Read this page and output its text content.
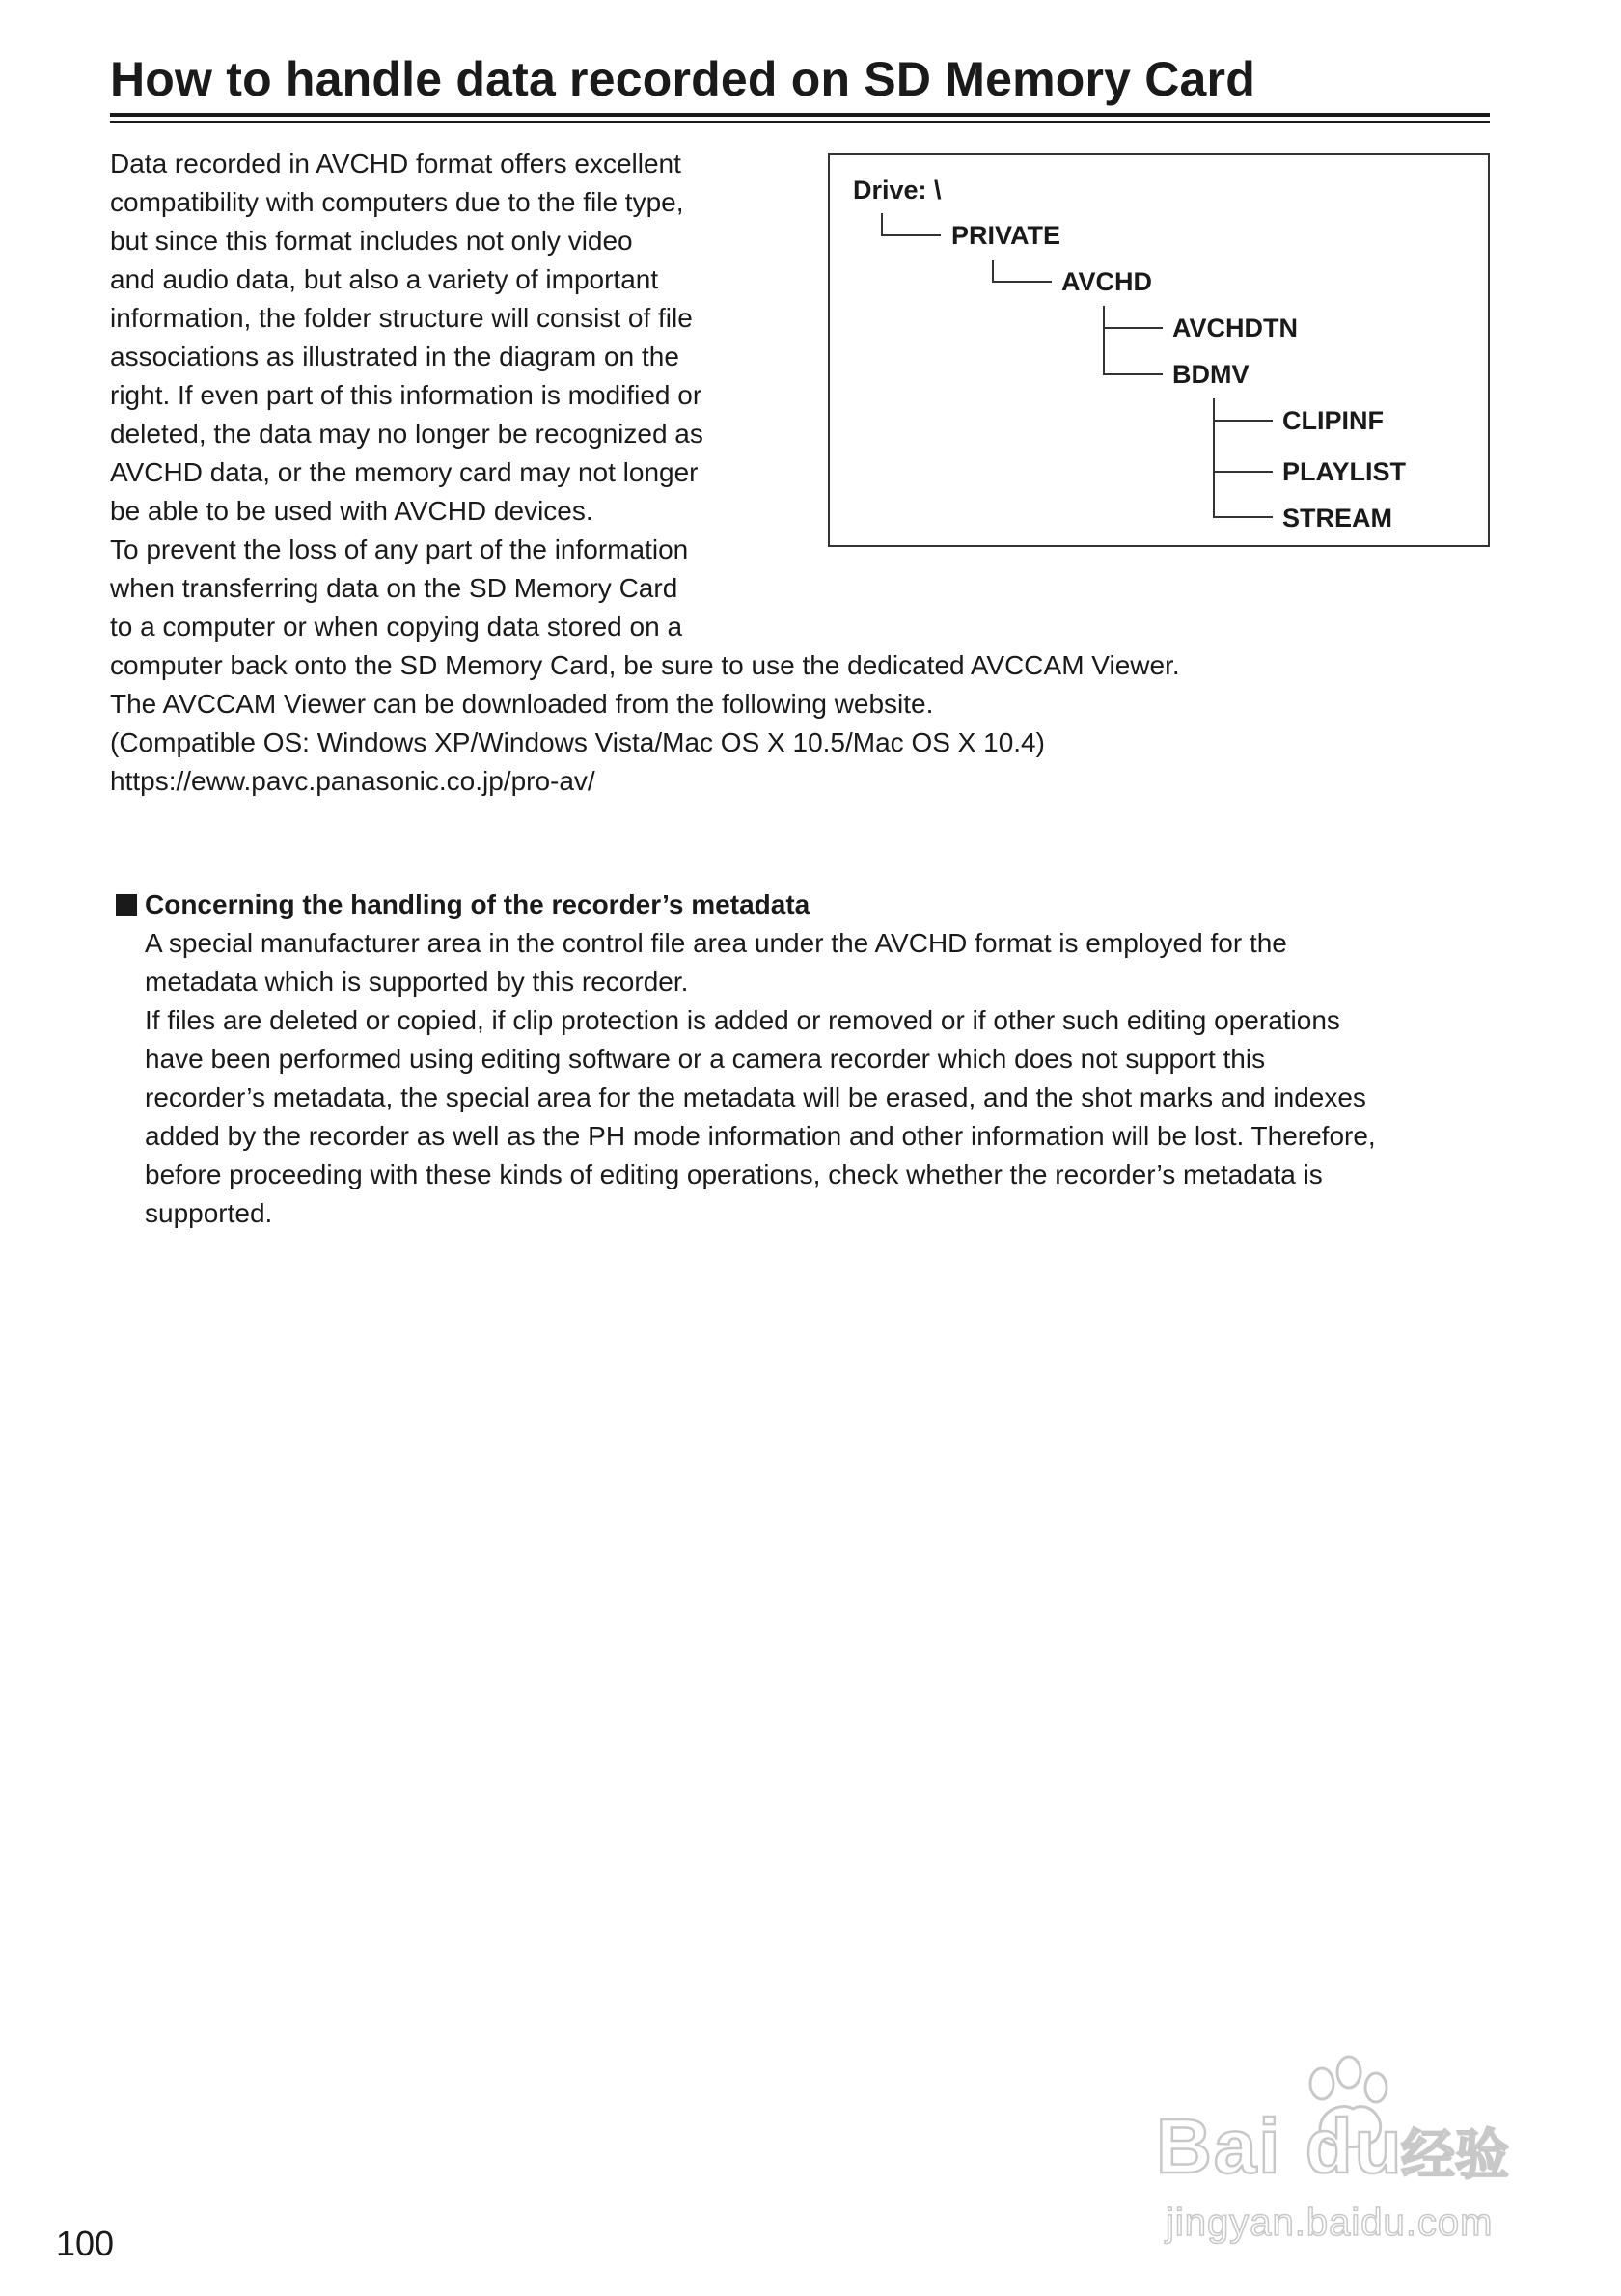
How to handle data recorded on SD Memory Card

Data recorded in AVCHD format offers excellent

compatibility with computers due to the file type,

but since this format includes not only video

and audio data, but also a variety of important

information, the folder structure will consist of file

associations as illustrated in the diagram on the

right. If even part of this information is modified or

deleted, the data may no longer be recognized as

AVCHD data, or the memory card may not longer

be able to be used with AVCHD devices.

To prevent the loss of any part of the information

when transferring data on the SD Memory Card

to a computer or when copying data stored on a

computer back onto the SD Memory Card, be sure to use the dedicated AVCCAM Viewer.

The AVCCAM Viewer can be downloaded from the following website.

(Compatible OS: Windows XP/Windows Vista/Mac OS X 10.5/Mac OS X 10.4)

https://eww.pavc.panasonic.co.jp/pro-av/

Drive: \
PRIVATE
AVCHD
AVCHDTN
BDMV
CLIPINF
PLAYLIST
STREAM
Concerning the handling of the recorder’s metadata

A special manufacturer area in the control file area under the AVCHD format is employed for the

metadata which is supported by this recorder.

If files are deleted or copied, if clip protection is added or removed or if other such editing operations

have been performed using editing software or a camera recorder which does not support this

recorder’s metadata, the special area for the metadata will be erased, and the shot marks and indexes

added by the recorder as well as the PH mode information and other information will be lost. Therefore,

before proceeding with these kinds of editing operations, check whether the recorder’s metadata is

supported.

100
Bai du
经验
jingyan.baidu.com
